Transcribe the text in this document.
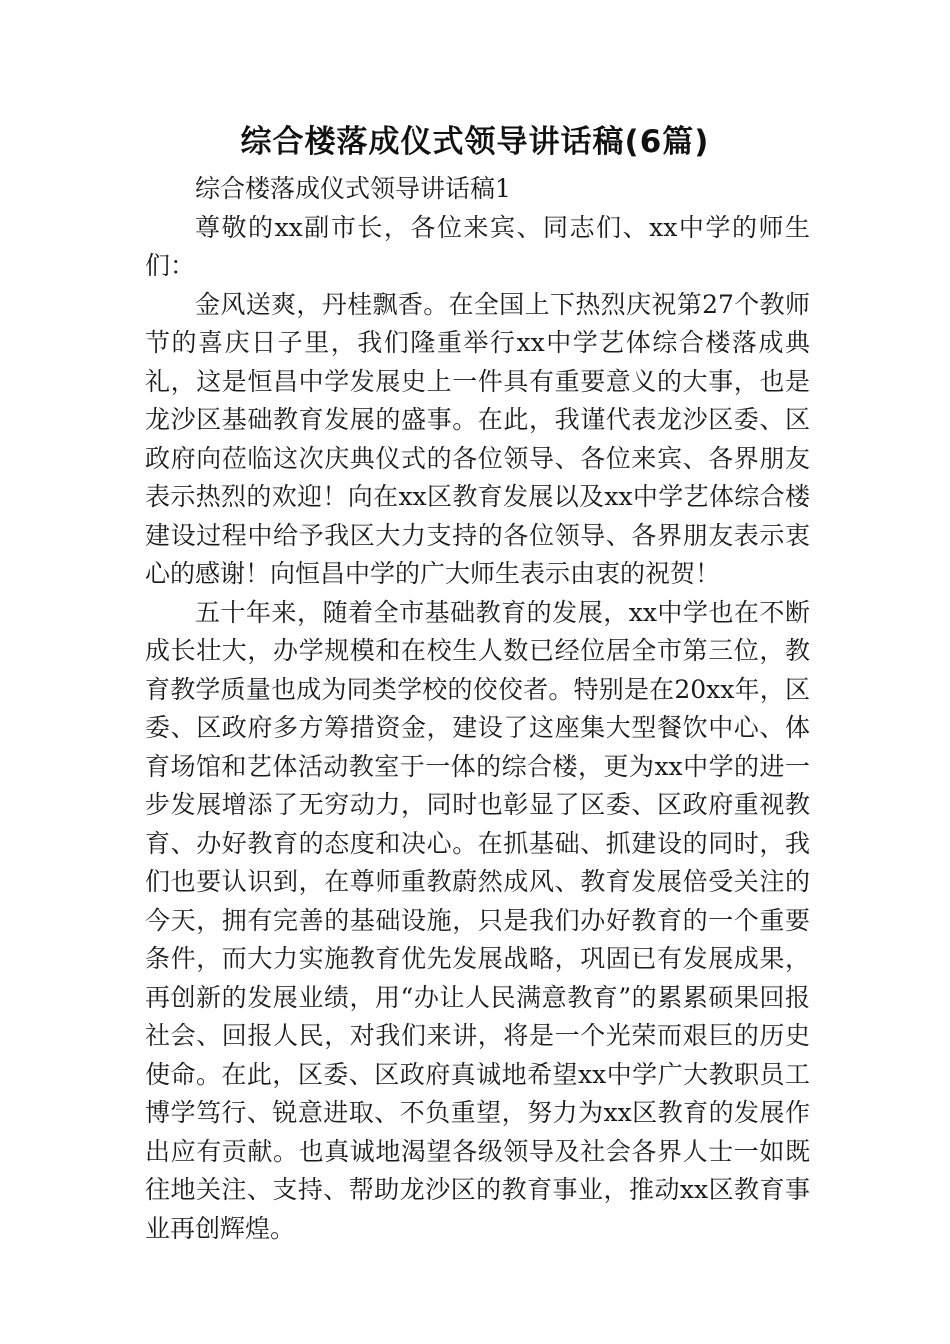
综合楼落成仪式领导讲话稿(6篇)

综合楼落成仪式领导讲话稿1

尊敬的xx副市长，各位来宾、同志们、xx中学的师生们：

金风送爽，丹桂飘香。在全国上下热烈庆祝第27个教师节的喜庆日子里，我们隆重举行xx中学艺体综合楼落成典礼，这是恒昌中学发展史上一件具有重要意义的大事，也是龙沙区基础教育发展的盛事。在此，我谨代表龙沙区委、区政府向莅临这次庆典仪式的各位领导、各位来宾、各界朋友表示热烈的欢迎！向在xx区教育发展以及xx中学艺体综合楼建设过程中给予我区大力支持的各位领导、各界朋友表示衷心的感谢！向恒昌中学的广大师生表示由衷的祝贺！

五十年来，随着全市基础教育的发展，xx中学也在不断成长壮大，办学规模和在校生人数已经位居全市第三位，教育教学质量也成为同类学校的佼佼者。特别是在20xx年，区委、区政府多方筹措资金，建设了这座集大型餐饮中心、体育场馆和艺体活动教室于一体的综合楼，更为xx中学的进一步发展增添了无穷动力，同时也彰显了区委、区政府重视教育、办好教育的态度和决心。在抓基础、抓建设的同时，我们也要认识到，在尊师重教蔚然成风、教育发展倍受关注的今天，拥有完善的基础设施，只是我们办好教育的一个重要条件，而大力实施教育优先发展战略，巩固已有发展成果，再创新的发展业绩，用“办让人民满意教育”的累累硕果回报社会、回报人民，对我们来讲，将是一个光荣而艰巨的历史使命。在此，区委、区政府真诚地希望xx中学广大教职员工博学笃行、锐意进取、不负重望，努力为xx区教育的发展作出应有贡献。也真诚地渴望各级领导及社会各界人士一如既往地关注、支持、帮助龙沙区的教育事业，推动xx区教育事业再创辉煌。
